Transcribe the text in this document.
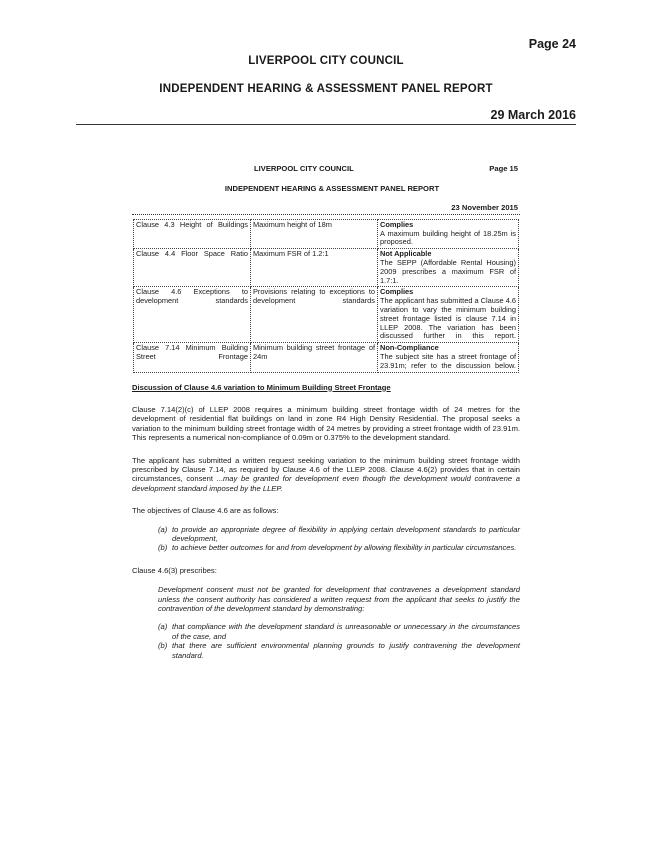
Page 24
LIVERPOOL CITY COUNCIL
INDEPENDENT HEARING & ASSESSMENT PANEL REPORT
29 March 2016
LIVERPOOL CITY COUNCIL	Page 15
INDEPENDENT HEARING & ASSESSMENT PANEL REPORT
23 November 2015
Clause 4.3 Height of Buildings	Maximum height of 18m	Complies
A maximum building height of 18.25m is proposed.

Clause 4.4 Floor Space Ratio	Maximum FSR of 1.2:1	Not Applicable
The SEPP (Affordable Rental Housing) 2009 prescribes a maximum FSR of 1.7:1.

Clause 4.6 Exceptions to development standards	Provisions relating to exceptions to development standards	Complies
The applicant has submitted a Clause 4.6 variation to vary the minimum building street frontage listed is clause 7.14 in LLEP 2008. The variation has been discussed further in this report.

Clause 7.14 Minimum Building Street Frontage	Minimum building street frontage of 24m	Non-Compliance
The subject site has a street frontage of 23.91m; refer to the discussion below.
Discussion of Clause 4.6 variation to Minimum Building Street Frontage

Clause 7.14(2)(c) of LLEP 2008 requires a minimum building street frontage width of 24 metres for the development of residential flat buildings on land in zone R4 High Density Residential. The proposal seeks a variation to the minimum building street frontage width of 24 metres by providing a street frontage width of 23.91m. This represents a numerical non-compliance of 0.09m or 0.375% to the development standard.

The applicant has submitted a written request seeking variation to the minimum building street frontage width prescribed by Clause 7.14, as required by Clause 4.6 of the LLEP 2008. Clause 4.6(2) provides that in certain circumstances, consent ...may be granted for development even though the development would contravene a development standard imposed by the LLEP.

The objectives of Clause 4.6 are as follows:

(a) to provide an appropriate degree of flexibility in applying certain development standards to particular development,
(b) to achieve better outcomes for and from development by allowing flexibility in particular circumstances.

Clause 4.6(3) prescribes:

Development consent must not be granted for development that contravenes a development standard unless the consent authority has considered a written request from the applicant that seeks to justify the contravention of the development standard by demonstrating:

(a) that compliance with the development standard is unreasonable or unnecessary in the circumstances of the case, and
(b) that there are sufficient environmental planning grounds to justify contravening the development standard.
